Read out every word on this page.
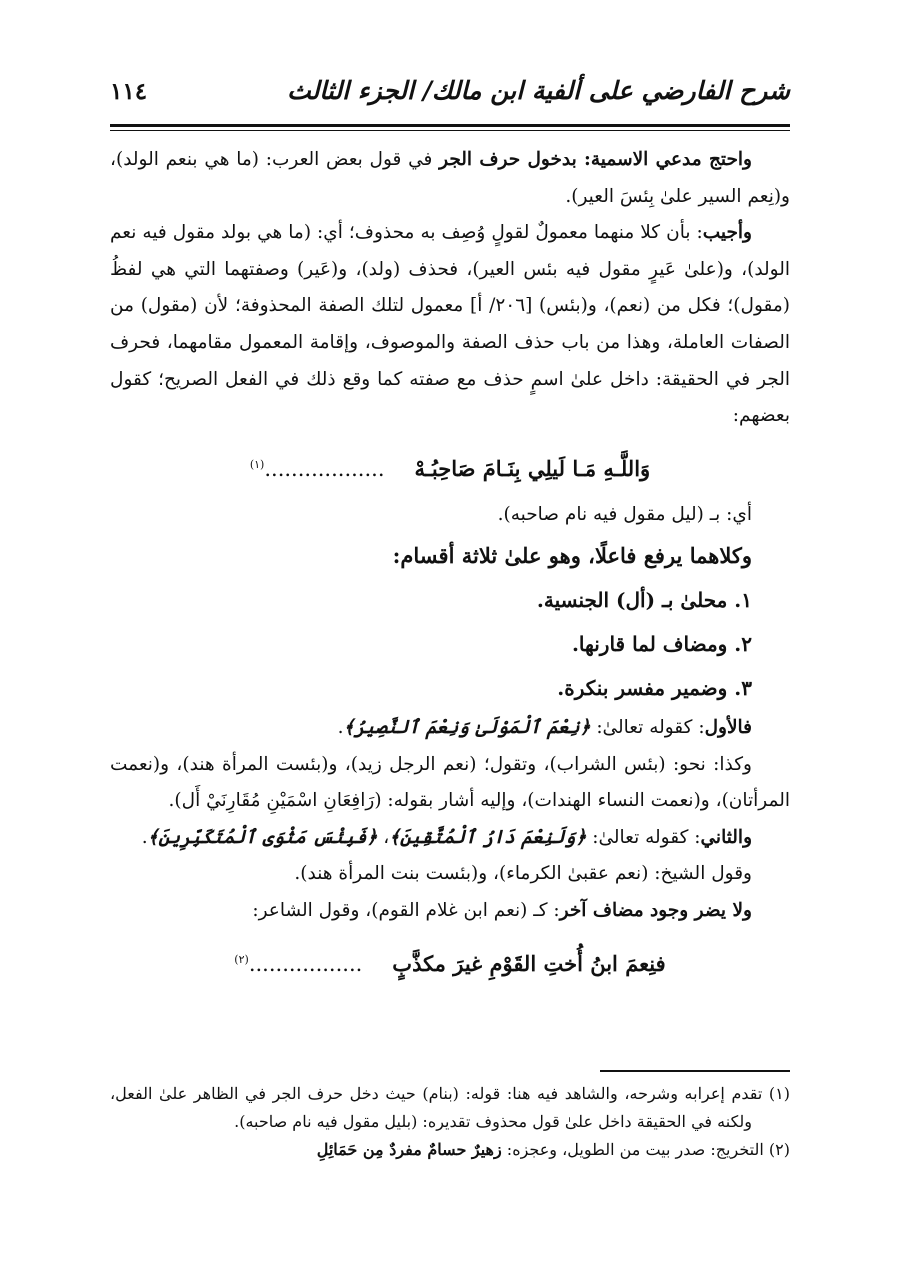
شرح الفارضي على ألفية ابن مالك/ الجزء الثالث
١١٤

واحتج مدعي الاسمية: بدخول حرف الجر في قول بعض العرب: (ما هي بنعم الولد)، و(نِعم السير علىٰ بِئسَ العير).

وأجيب: بأن كلا منهما معمولٌ لقولٍ وُصِف به محذوف؛ أي: (ما هي بولد مقول فيه نعم الولد)، و(علىٰ عَيرٍ مقول فيه بئس العير)، فحذف (ولد)، و(عَير) وصفتهما التي هي لفظُ (مقول)؛ فكل من (نعم)، و(بئس) [٢٠٦/ أ] معمول لتلك الصفة المحذوفة؛ لأن (مقول) من الصفات العاملة، وهذا من باب حذف الصفة والموصوف، وإقامة المعمول مقامهما، فحرف الجر في الحقيقة: داخل علىٰ اسمٍ حذف مع صفته كما وقع ذلك في الفعل الصريح؛ كقول بعضهم:

وَاللَّـهِ مَـا لَيلِي بِنَـامَ صَاحِبُـهْ..................$^{(١)}$

أي: بـ (ليل مقول فيه نام صاحبه).

وكلاهما يرفع فاعلًا، وهو علىٰ ثلاثة أقسام:

١. محلىٰ بـ (أل) الجنسية.

٢. ومضاف لما قارنها.

٣. وضمير مفسر بنكرة.

فالأول: كقوله تعالىٰ: ﴿نِعْمَ ٱلْمَوْلَىٰ وَنِعْمَ ٱلنَّصِيرُ﴾.

وكذا: نحو: (بئس الشراب)، وتقول؛ (نعم الرجل زيد)، و(بئست المرأة هند)، و(نعمت المرأتان)، و(نعمت النساء الهندات)، وإليه أشار بقوله: (رَافِعَانِ اسْمَيْنِ مُقَارِنَيْ أَل).

والثاني: كقوله تعالىٰ: ﴿وَلَنِعْمَ دَارُ ٱلْمُتَّقِينَ﴾، ﴿فَبِئْسَ مَثْوَى ٱلْمُتَكَبِّرِينَ﴾.

وقول الشيخ: (نعم عقبىٰ الكرماء)، و(بئست بنت المرأة هند).

ولا يضر وجود مضاف آخر: كـ (نعم ابن غلام القوم)، وقول الشاعر:

فنِعمَ ابنُ أُختِ القَوْمِ غيرَ مكذَّبٍ.................$^{(٢)}$

(١) تقدم إعرابه وشرحه، والشاهد فيه هنا: قوله: (بنام) حيث دخل حرف الجر في الظاهر علىٰ الفعل، ولكنه في الحقيقة داخل علىٰ قول محذوف تقديره: (بليل مقول فيه نام صاحبه).

(٢) التخريج: صدر بيت من الطويل، وعجزه: زهيرٌ حسامٌ مفردٌ مِن حَمَائِلِ
